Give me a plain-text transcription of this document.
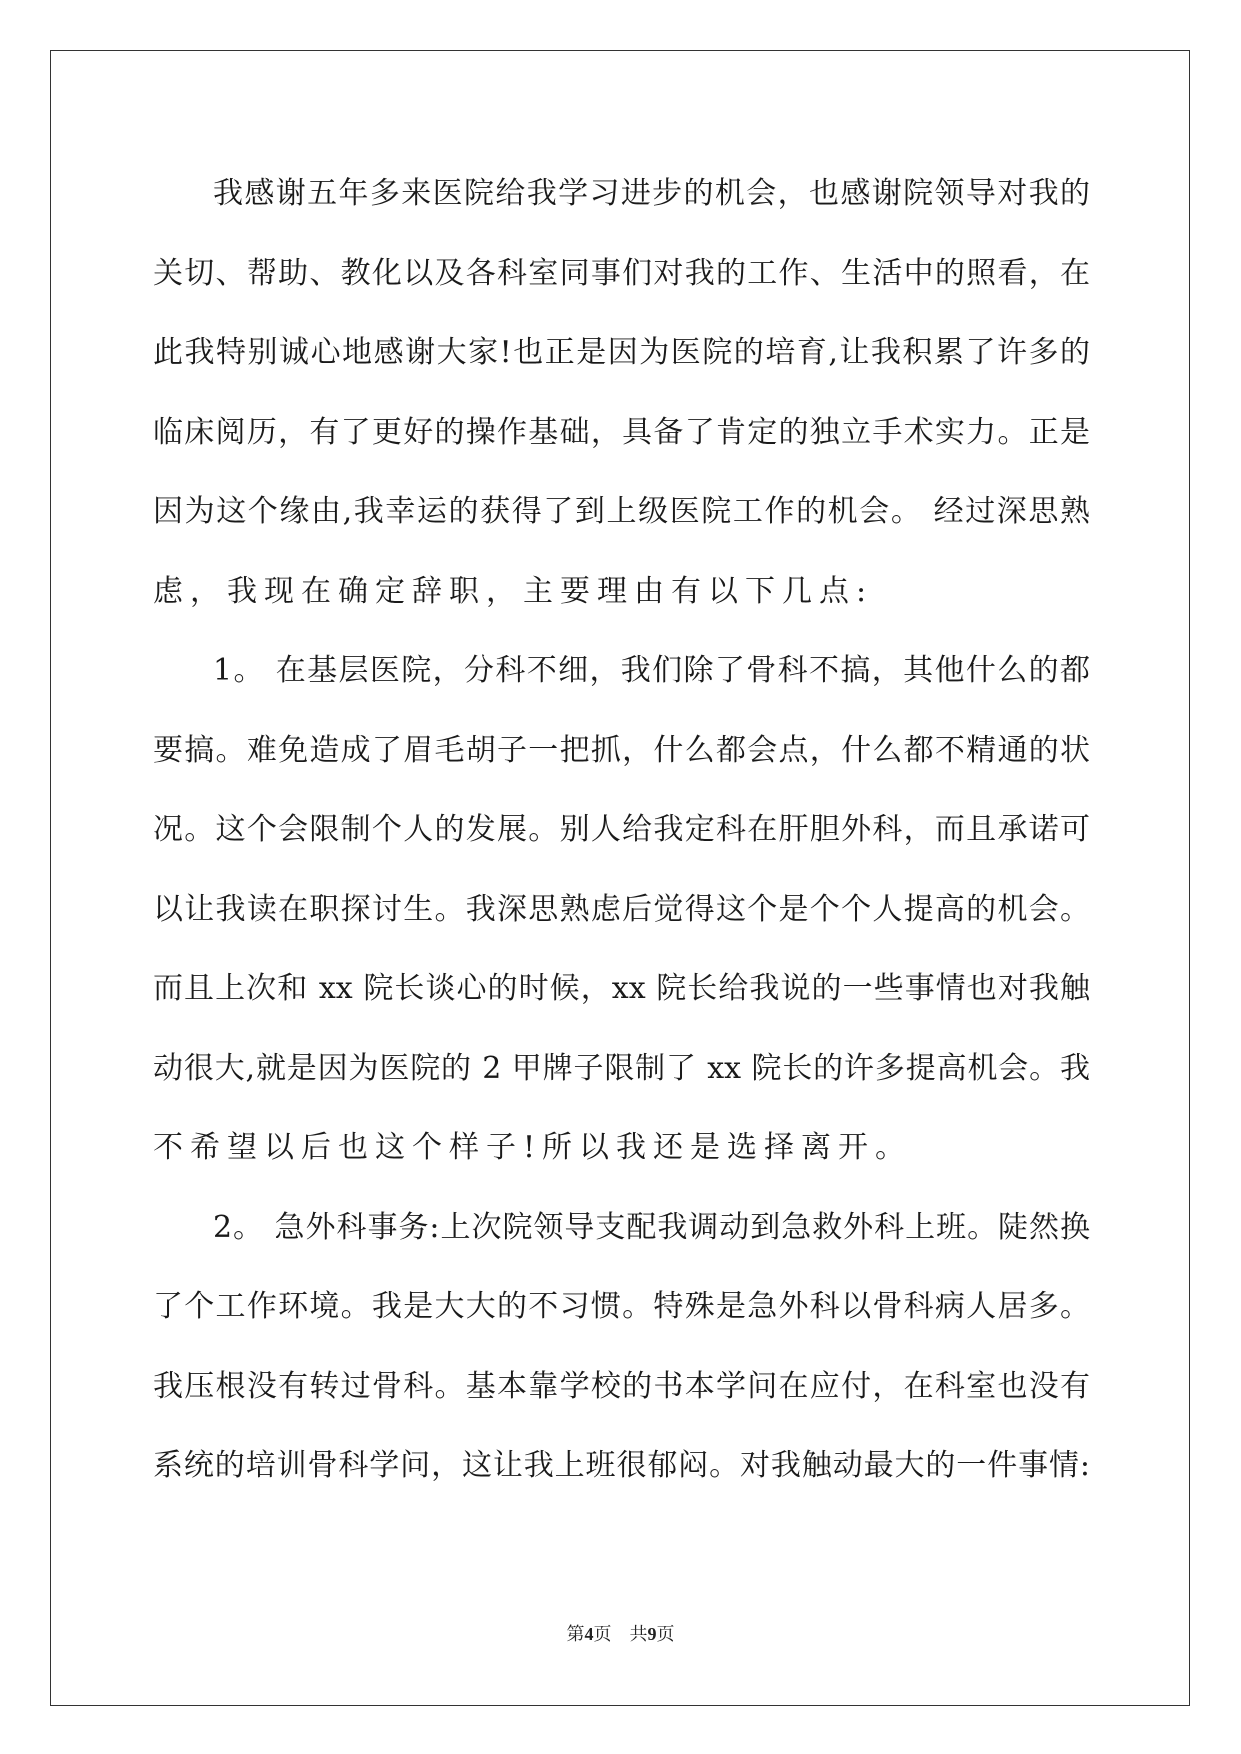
我感谢五年多来医院给我学习进步的机会，也感谢院领导对我的
关切、帮助、教化以及各科室同事们对我的工作、生活中的照看，在
此我特别诚心地感谢大家!也正是因为医院的培育,让我积累了许多的
临床阅历，有了更好的操作基础，具备了肯定的独立手术实力。正是
因为这个缘由,我幸运的获得了到上级医院工作的机会。 经过深思熟
虑，我现在确定辞职，主要理由有以下几点:
1。 在基层医院，分科不细，我们除了骨科不搞，其他什么的都
要搞。难免造成了眉毛胡子一把抓，什么都会点，什么都不精通的状
况。这个会限制个人的发展。别人给我定科在肝胆外科，而且承诺可
以让我读在职探讨生。我深思熟虑后觉得这个是个个人提高的机会。
而且上次和 xx 院长谈心的时候，xx 院长给我说的一些事情也对我触
动很大,就是因为医院的 2 甲牌子限制了 xx 院长的许多提高机会。我
不希望以后也这个样子!所以我还是选择离开。
2。 急外科事务:上次院领导支配我调动到急救外科上班。陡然换
了个工作环境。我是大大的不习惯。特殊是急外科以骨科病人居多。
我压根没有转过骨科。基本靠学校的书本学问在应付，在科室也没有
系统的培训骨科学问，这让我上班很郁闷。对我触动最大的一件事情:
第4页 共9页
